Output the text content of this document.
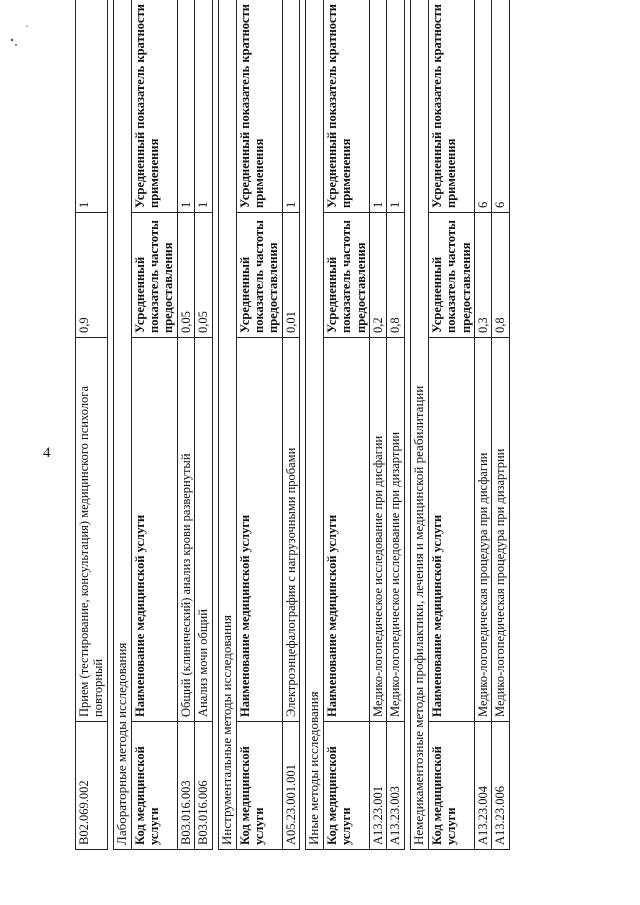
4
В02.069.002	Прием (тестирование, консультация) медицинского психолога повторный	0,9	1

Лабораторные методы исследования			
Код медицинской услуги	Наименование медицинской услуги	Усредненный показатель частоты предоставления	Усредненный показатель кратности применения
В03.016.003	Общий (клинический) анализ крови развернутый	0,05	1
В03.016.006	Анализ мочи общий	0,05	1

Инструментальные методы исследования			
Код медицинской услуги	Наименование медицинской услуги	Усредненный показатель частоты предоставления	Усредненный показатель кратности применения
А05.23.001.001	Электроэнцефалография с нагрузочными пробами	0,01	1

Иные методы исследования			
Код медицинской услуги	Наименование медицинской услуги	Усредненный показатель частоты предоставления	Усредненный показатель кратности применения
А13.23.001	Медико-логопедическое исследование при дисфагии	0,2	1
А13.23.003	Медико-логопедическое исследование при дизартрии	0,8	1

Немедикаментозные методы профилактики, лечения и медицинской реабилитации			
Код медицинской услуги	Наименование медицинской услуги	Усредненный показатель частоты предоставления	Усредненный показатель кратности применения
А13.23.004	Медико-логопедическая процедура при дисфагии	0,3	6
А13.23.006	Медико-логопедическая процедура при дизартрии	0,8	6
